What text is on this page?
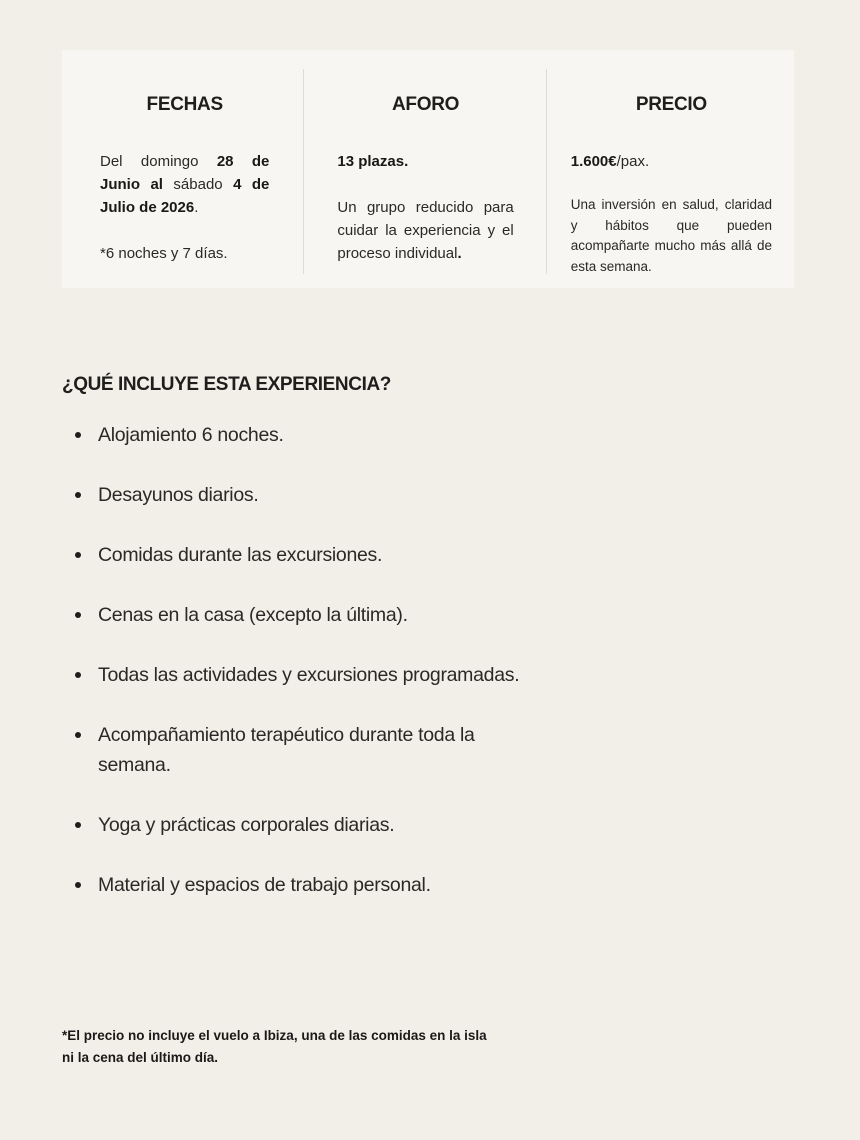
FECHAS

Del domingo 28 de Junio al sábado 4 de Julio de 2026.

*6 noches y 7 días.

AFORO

13 plazas.

Un grupo reducido para cuidar la experiencia y el proceso individual.

PRECIO

1.600€/pax.

Una inversión en salud, claridad y hábitos que pueden acompañarte mucho más allá de esta semana.

¿QUÉ INCLUYE ESTA EXPERIENCIA?
Alojamiento 6 noches.
Desayunos diarios.
Comidas durante las excursiones.
Cenas en la casa (excepto la última).
Todas las actividades y excursiones programadas.
Acompañamiento terapéutico durante toda la semana.
Yoga y prácticas corporales diarias.
Material y espacios de trabajo personal.

*El precio no incluye el vuelo a Ibiza, una de las comidas en la isla ni la cena del último día.
